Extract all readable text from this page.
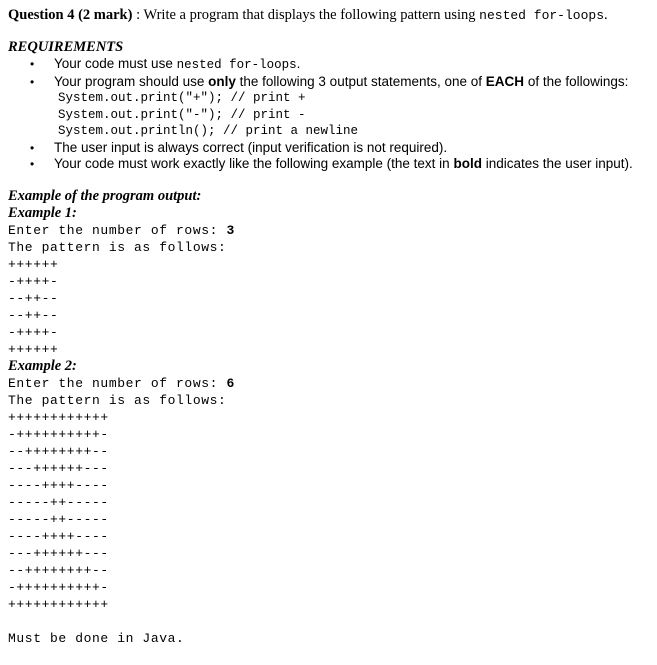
Question 4 (2 mark) : Write a program that displays the following pattern using nested for-loops.
REQUIREMENTS
• Your code must use nested for-loops.
• Your program should use only the following 3 output statements, one of EACH of the followings:
System.out.print("+"); // print +
System.out.print("-"); // print -
System.out.println(); // print a newline
• The user input is always correct (input verification is not required).
• Your code must work exactly like the following example (the text in bold indicates the user input).
Example of the program output:
Example 1:
Enter the number of rows: 3
The pattern is as follows:
++++++
-++++-
--++--
--++--
-++++-
++++++
Example 2:
Enter the number of rows: 6
The pattern is as follows:
++++++++++++
-++++++++++-
--++++++++--
---++++++---
----++++----
-----++-----
-----++-----
----++++----
---++++++---
--++++++++--
-++++++++++-
++++++++++++
Must be done in Java.
